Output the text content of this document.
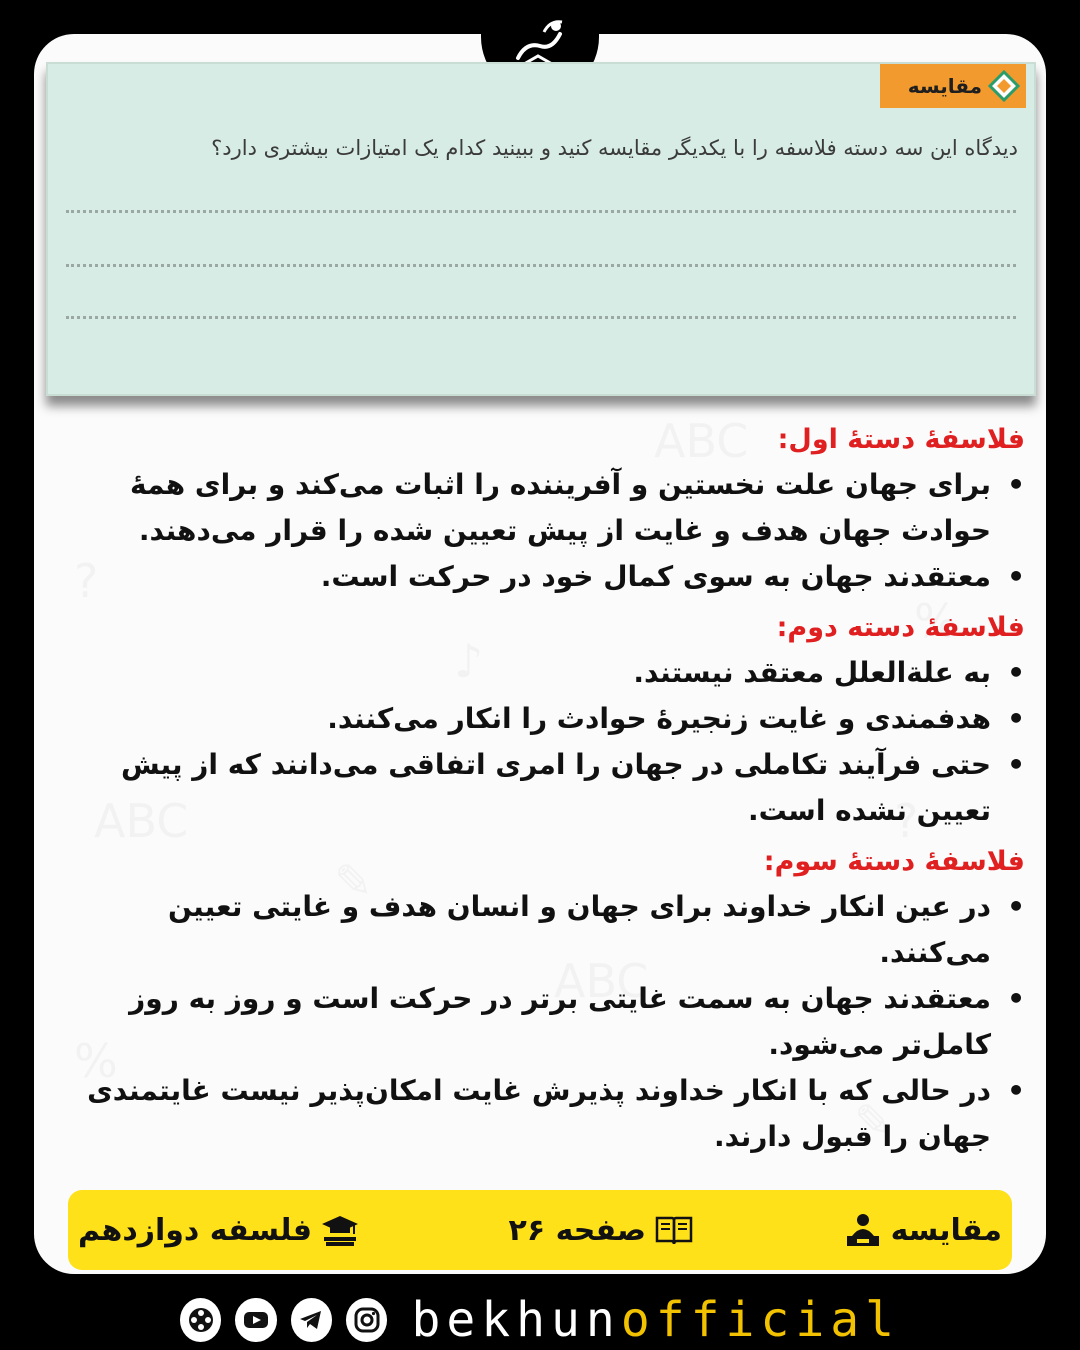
مقایسه
دیدگاه این سه دسته فلاسفه را با یکدیگر مقایسه کنید و ببینید کدام یک امتیازات بیشتری دارد؟
فلاسفۀ دستۀ اول:
• برای جهان علت نخستین و آفریننده را اثبات می‌کند و برای همۀ حوادث جهان هدف و غایت از پیش تعیین شده را قرار می‌دهند.
• معتقدند جهان به سوی کمال خود در حرکت است.
فلاسفۀ دسته دوم:
• به علة‌العلل معتقد نیستند.
• هدفمندی و غایت زنجیرۀ حوادث را انکار می‌کنند.
• حتی فرآیند تکاملی در جهان را امری اتفاقی می‌دانند که از پیش تعیین نشده است.
فلاسفۀ دستۀ سوم:
• در عین انکار خداوند برای جهان و انسان هدف و غایتی تعیین می‌کنند.
• معتقدند جهان به سمت غایتی برتر در حرکت است و روز به روز کامل‌تر می‌شود.
• در حالی که با انکار خداوند پذیرش غایت امکان‌پذیر نیست غایتمندی جهان را قبول دارند.
فلسفه دوازدهم	صفحه ۲۶	مقایسه
bekhunofficial
